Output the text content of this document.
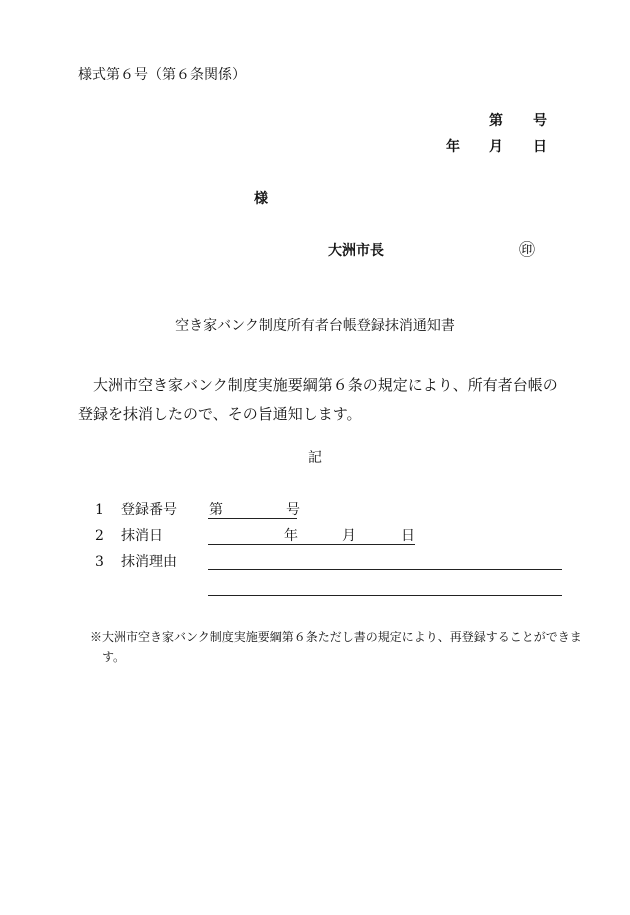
様式第６号（第６条関係）
第 号
年 月 日
様
大洲市長	㊞
空き家バンク制度所有者台帳登録抹消通知書
大洲市空き家バンク制度実施要綱第６条の規定により、所有者台帳の登録を抹消したので、その旨通知します。
記
1 登録番号 第	号
2 抹消日	年	月	日
3 抹消理由
※大洲市空き家バンク制度実施要綱第６条ただし書の規定により、再登録することができます。
